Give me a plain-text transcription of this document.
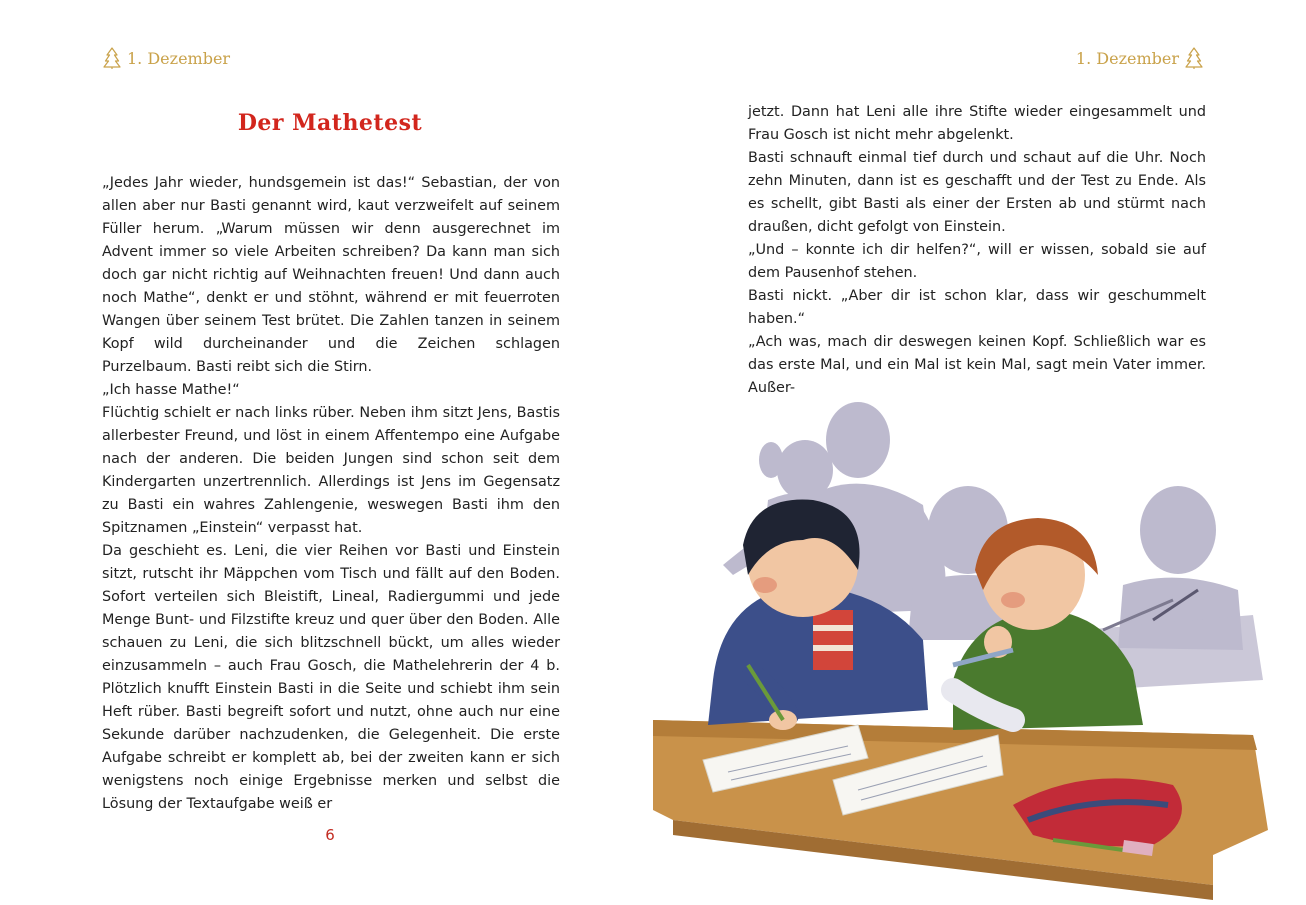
1. Dezember
Der Mathetest

„Jedes Jahr wieder, hundsgemein ist das!“ Sebastian, der von allen aber nur Basti genannt wird, kaut verzweifelt auf seinem Füller herum. „Warum müssen wir denn ausgerechnet im Advent immer so viele Arbeiten schreiben? Da kann man sich doch gar nicht richtig auf Weihnachten freuen! Und dann auch noch Mathe“, denkt er und stöhnt, während er mit feuerroten Wangen über seinem Test brütet. Die Zahlen tanzen in seinem Kopf wild durcheinander und die Zeichen schlagen Purzelbaum. Basti reibt sich die Stirn.

„Ich hasse Mathe!“

Flüchtig schielt er nach links rüber. Neben ihm sitzt Jens, Bastis allerbester Freund, und löst in einem Affentempo eine Aufgabe nach der anderen. Die beiden Jungen sind schon seit dem Kindergarten unzertrennlich. Allerdings ist Jens im Gegensatz zu Basti ein wahres Zahlengenie, weswegen Basti ihm den Spitznamen „Einstein“ verpasst hat.

Da geschieht es. Leni, die vier Reihen vor Basti und Einstein sitzt, rutscht ihr Mäppchen vom Tisch und fällt auf den Boden. Sofort verteilen sich Bleistift, Lineal, Radiergummi und jede Menge Bunt- und Filzstifte kreuz und quer über den Boden. Alle schauen zu Leni, die sich blitzschnell bückt, um alles wieder einzusammeln – auch Frau Gosch, die Mathelehrerin der 4 b. Plötzlich knufft Einstein Basti in die Seite und schiebt ihm sein Heft rüber. Basti begreift sofort und nutzt, ohne auch nur eine Sekunde darüber nachzudenken, die Gelegenheit. Die erste Aufgabe schreibt er komplett ab, bei der zweiten kann er sich wenigstens noch einige Ergebnisse merken und selbst die Lösung der Textaufgabe weiß er

6
1. Dezember

jetzt. Dann hat Leni alle ihre Stifte wieder eingesammelt und Frau Gosch ist nicht mehr abgelenkt.

Basti schnauft einmal tief durch und schaut auf die Uhr. Noch zehn Minuten, dann ist es geschafft und der Test zu Ende. Als es schellt, gibt Basti als einer der Ersten ab und stürmt nach draußen, dicht gefolgt von Einstein.

„Und – konnte ich dir helfen?“, will er wissen, sobald sie auf dem Pausenhof stehen.

Basti nickt. „Aber dir ist schon klar, dass wir geschummelt haben.“

„Ach was, mach dir deswegen keinen Kopf. Schließlich war es das erste Mal, und ein Mal ist kein Mal, sagt mein Vater immer. Außer-
